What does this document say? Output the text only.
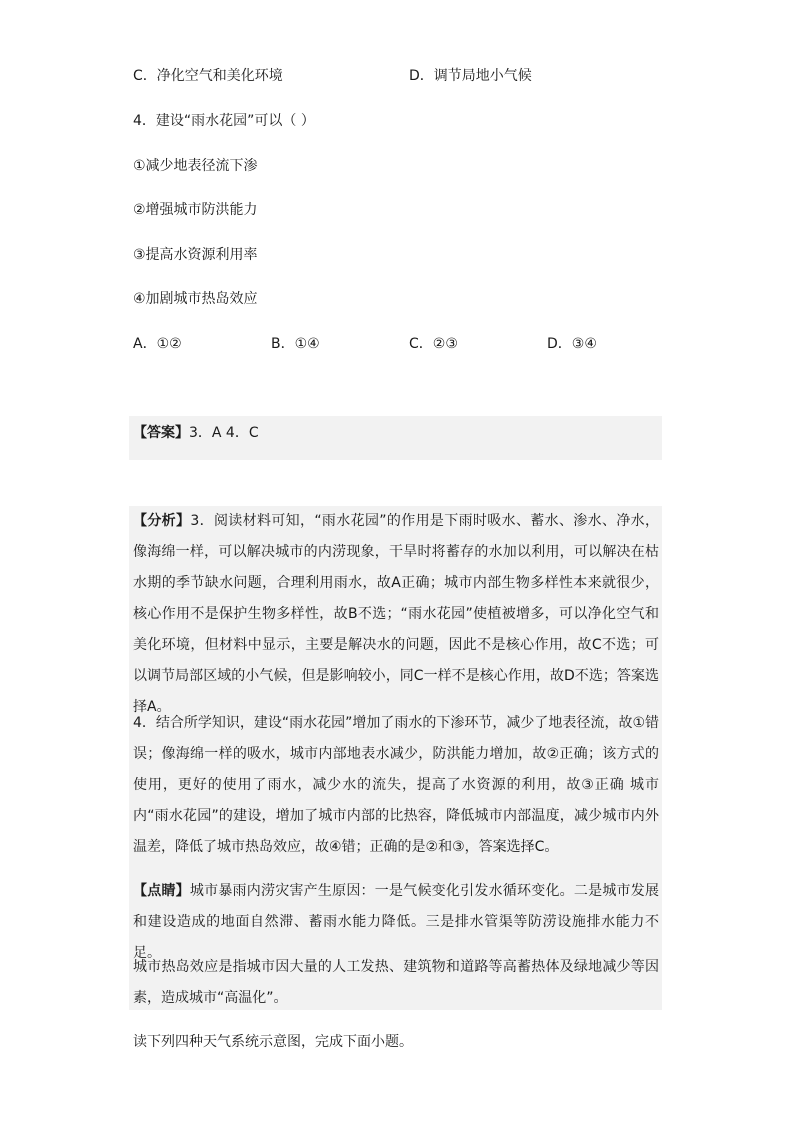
C．净化空气和美化环境	D．调节局地小气候
4．建设“雨水花园”可以（ ）
①减少地表径流下渗
②增强城市防洪能力
③提高水资源利用率
④加剧城市热岛效应
A．①②	B．①④	C．②③	D．③④
【答案】3．A 4．C

【分析】3．阅读材料可知，“雨水花园”的作用是下雨时吸水、蓄水、渗水、净水，像海绵一样，可以解决城市的内涝现象，干旱时将蓄存的水加以利用，可以解决在枯水期的季节缺水问题，合理利用雨水，故A正确；城市内部生物多样性本来就很少，核心作用不是保护生物多样性，故B不选；“雨水花园”使植被增多，可以净化空气和美化环境，但材料中显示，主要是解决水的问题，因此不是核心作用，故C不选；可以调节局部区域的小气候，但是影响较小，同C一样不是核心作用，故D不选；答案选择A。

4．结合所学知识，建设“雨水花园”增加了雨水的下渗环节，减少了地表径流，故①错误；像海绵一样的吸水，城市内部地表水减少，防洪能力增加，故②正确；该方式的使用，更好的使用了雨水，减少水的流失，提高了水资源的利用，故③正确 城市内“雨水花园”的建设，增加了城市内部的比热容，降低城市内部温度，减少城市内外温差，降低了城市热岛效应，故④错；正确的是②和③，答案选择C。

【点睛】城市暴雨内涝灾害产生原因：一是气候变化引发水循环变化。二是城市发展和建设造成的地面自然滞、蓄雨水能力降低。三是排水管渠等防涝设施排水能力不足。

城市热岛效应是指城市因大量的人工发热、建筑物和道路等高蓄热体及绿地减少等因素，造成城市“高温化”。

读下列四种天气系统示意图，完成下面小题。
